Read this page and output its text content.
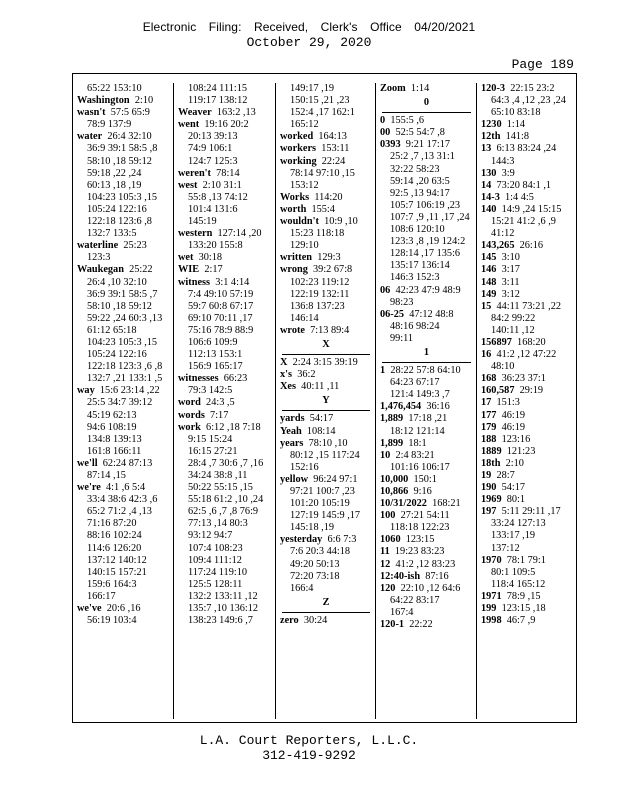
Electronic Filing: Received, Clerk's Office 04/20/2021
October 29, 2020
Page 189
65:22 153:10
Washington 2:10
wasn't 57:5 65:9
78:9 137:9
water 26:4 32:10
36:9 39:1 58:5 ,8
58:10 ,18 59:12
59:18 ,22 ,24
60:13 ,18 ,19
104:23 105:3 ,15
105:24 122:16
122:18 123:6 ,8
132:7 133:5
waterline 25:23
123:3
Waukegan 25:22
26:4 ,10 32:10
36:9 39:1 58:5 ,7
58:10 ,18 59:12
59:22 ,24 60:3 ,13
61:12 65:18
104:23 105:3 ,15
105:24 122:16
122:18 123:3 ,6 ,8
132:7 ,21 133:1 ,5
way 15:6 23:14 ,22
25:5 34:7 39:12
45:19 62:13
94:6 108:19
134:8 139:13
161:8 166:11
we'll 62:24 87:13
87:14 ,15
we're 4:1 ,6 5:4
33:4 38:6 42:3 ,6
65:2 71:2 ,4 ,13
71:16 87:20
88:16 102:24
114:6 126:20
137:12 140:12
140:15 157:21
159:6 164:3
166:17
we've 20:6 ,16
56:19 103:4
108:24 111:15
119:17 138:12
Weaver 163:2 ,13
went 19:16 20:2
20:13 39:13
74:9 106:1
124:7 125:3
weren't 78:14
west 2:10 31:1
55:8 ,13 74:12
101:4 131:6
145:19
western 127:14 ,20
133:20 155:8
wet 30:18
WIE 2:17
witness 3:1 4:14
7:4 49:10 57:19
59:7 60:8 67:17
69:10 70:11 ,17
75:16 78:9 88:9
106:6 109:9
112:13 153:1
156:9 165:17
witnesses 66:23
79:3 142:5
word 24:3 ,5
words 7:17
work 6:12 ,18 7:18
9:15 15:24
16:15 27:21
28:4 ,7 30:6 ,7 ,16
34:24 38:8 ,11
50:22 55:15 ,15
55:18 61:2 ,10 ,24
62:5 ,6 ,7 ,8 76:9
77:13 ,14 80:3
93:12 94:7
107:4 108:23
109:4 111:12
117:24 119:10
125:5 128:11
132:2 133:11 ,12
135:7 ,10 136:12
138:23 149:6 ,7
149:17 ,19
150:15 ,21 ,23
152:4 ,17 162:1
165:12
worked 164:13
workers 153:11
working 22:24
78:14 97:10 ,15
153:12
Works 114:20
worth 155:4
wouldn't 10:9 ,10
15:23 118:18
129:10
written 129:3
wrong 39:2 67:8
102:23 119:12
122:19 132:11
136:8 137:23
146:14
wrote 7:13 89:4
X
X 2:24 3:15 39:19
x's 36:2
Xes 40:11 ,11
Y
yards 54:17
Yeah 108:14
years 78:10 ,10
80:12 ,15 117:24
152:16
yellow 96:24 97:1
97:21 100:7 ,23
101:20 105:19
127:19 145:9 ,17
145:18 ,19
yesterday 6:6 7:3
7:6 20:3 44:18
49:20 50:13
72:20 73:18
166:4
Z
zero 30:24
Zoom 1:14
0
0 155:5 ,6
00 52:5 54:7 ,8
0393 9:21 17:17
25:2 ,7 ,13 31:1
32:22 58:23
59:14 ,20 63:5
92:5 ,13 94:17
105:7 106:19 ,23
107:7 ,9 ,11 ,17 ,24
108:6 120:10
123:3 ,8 ,19 124:2
128:14 ,17 135:6
135:17 136:14
146:3 152:3
06 42:23 47:9 48:9
98:23
06-25 47:12 48:8
48:16 98:24
99:11
1
1 28:22 57:8 64:10
64:23 67:17
121:4 149:3 ,7
1,476,454 36:16
1,889 17:18 ,21
18:12 121:14
1,899 18:1
10 2:4 83:21
101:16 106:17
10,000 150:1
10,866 9:16
10/31/2022 168:21
100 27:21 54:11
118:18 122:23
1060 123:15
11 19:23 83:23
12 41:2 ,12 83:23
12:40-ish 87:16
120 22:10 ,12 64:6
64:22 83:17
167:4
120-1 22:22
120-3 22:15 23:2
64:3 ,4 ,12 ,23 ,24
65:10 83:18
1230 1:14
12th 141:8
13 6:13 83:24 ,24
144:3
130 3:9
14 73:20 84:1 ,1
14-3 1:4 4:5
140 14:9 ,24 15:15
15:21 41:2 ,6 ,9
41:12
143,265 26:16
145 3:10
146 3:17
148 3:11
149 3:12
15 44:11 73:21 ,22
84:2 99:22
140:11 ,12
156897 168:20
16 41:2 ,12 47:22
48:10
168 36:23 37:1
160,587 29:19
17 151:3
177 46:19
179 46:19
188 123:16
1889 121:23
18th 2:10
19 28:7
190 54:17
1969 80:1
197 5:11 29:11 ,17
33:24 127:13
133:17 ,19
137:12
1970 78:1 79:1
80:1 109:5
118:4 165:12
1971 78:9 ,15
199 123:15 ,18
1998 46:7 ,9
L.A. Court Reporters, L.L.C.
312-419-9292
